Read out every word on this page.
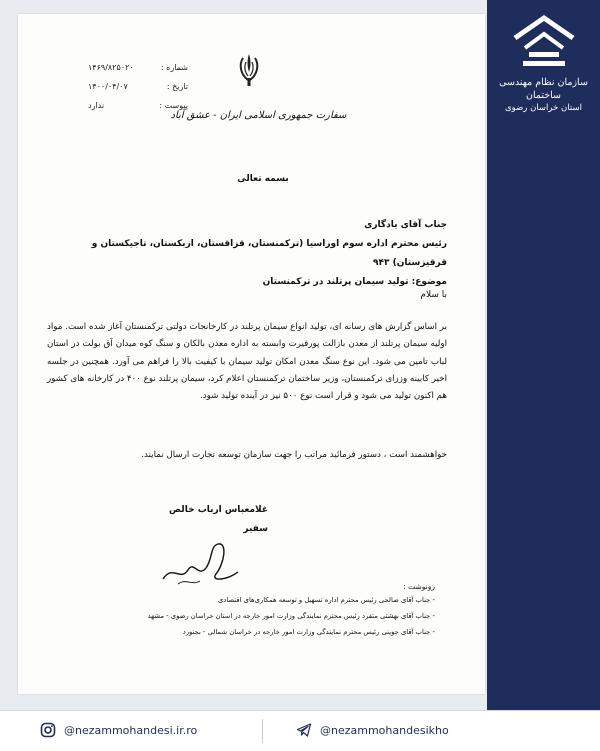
سفارت جمهوری اسلامی ایران - عشق آباد
شماره :
۱۴۶۹/۸۲۵۰۲۰
تاریخ :
۱۴۰۰/۰۴/۰۷
پیوست :
ندارد
بسمه تعالی
جناب آقای یادگاری
رئیس محترم اداره سوم اوراسیا (ترکمنستان، قزاقستان، ازبکستان، تاجیکستان و قرقیزستان) ۹۴۳
موضوع: تولید سیمان پرتلند در ترکمنستان
با سلام
بر اساس گزارش های رسانه ای، تولید انواع سیمان پرتلند در کارخانجات دولتی ترکمنستان آغاز شده است. مواد اولیه سیمان پرتلند از معدن بازالت پورفیرت وابسته به اداره معدن بالکان و سنگ کوه میدان آق بولت در استان لباب تامین می شود. این نوع سنگ معدن امکان تولید سیمان با کیفیت بالا را فراهم می آورد. همچنین در جلسه اخیر کابینه وزرای ترکمنستان، وزیر ساختمان ترکمنستان اعلام کرد، سیمان پرتلند نوع ۴۰۰ در کارخانه های کشور هم اکنون تولید می شود و قرار است نوع ۵۰۰ نیز در آینده تولید شود.
خواهشمند است ، دستور فرمائید مراتب را جهت سازمان توسعه تجارت ارسال نمایند.
غلامعباس ارباب خالص
سفیر
رونوشت :
- جناب آقای صالحی رئیس محترم اداره تسهیل و توسعه همکاری‌های اقتصادی
- جناب آقای بهشتی متفرد رئیس محترم نمایندگی وزارت امور خارجه در استان خراسان رضوی - مشهد
- جناب آقای جوینی رئیس محترم نمایندگی وزارت امور خارجه در خراسان شمالی - بجنورد
سازمان نظام مهندسی ساختمان
استان خراسان رضوی
@nezammohandesi.ir.ro	@nezammohandesikho
